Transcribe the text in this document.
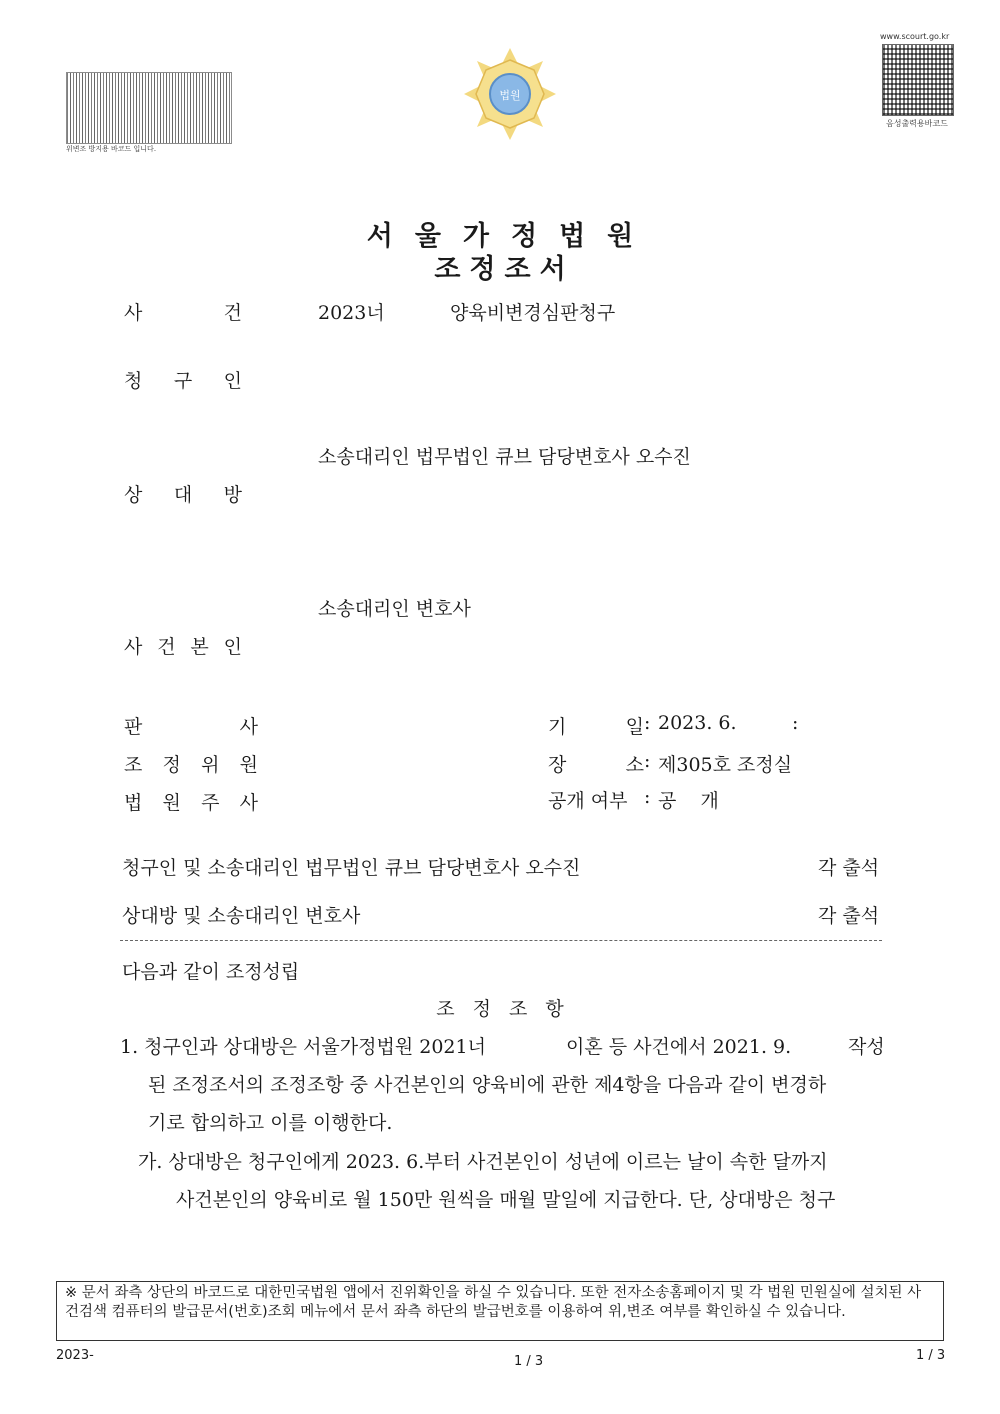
위변조 방지용 바코드 입니다.
www.scourt.go.kr
음성출력용바코드
법원
서울가정법원
조정조서
사	건	2023너	양육비변경심판청구
청 구 인
소송대리인 법무법인 큐브 담당변호사 오수진
상 대 방
소송대리인 변호사
사 건 본 인
판	사
조 정 위 원
법 원 주 사
기	일 : 2023. 6.	:
장	소 : 제305호 조정실
공개 여부 : 공    개
청구인 및 소송대리인 법무법인 큐브 담당변호사 오수진	각 출석
상대방 및 소송대리인 변호사	각 출석
다음과 같이 조정성립
조정조항
1. 청구인과 상대방은 서울가정법원 2021너	이혼 등 사건에서 2021. 9.	작성
된 조정조서의 조정조항 중 사건본인의 양육비에 관한 제4항을 다음과 같이 변경하
기로 합의하고 이를 이행한다.
가. 상대방은 청구인에게 2023. 6.부터 사건본인이 성년에 이르는 날이 속한 달까지
사건본인의 양육비로 월 150만 원씩을 매월 말일에 지급한다. 단, 상대방은 청구
※ 문서 좌측 상단의 바코드로 대한민국법원 앱에서 진위확인을 하실 수 있습니다. 또한 전자소송홈페이지 및 각 법원 민원실에 설치된 사건검색 컴퓨터의 발급문서(번호)조회 메뉴에서 문서 좌측 하단의 발급번호를 이용하여 위,변조 여부를 확인하실 수 있습니다.
2023-	1 / 3	1 / 3
